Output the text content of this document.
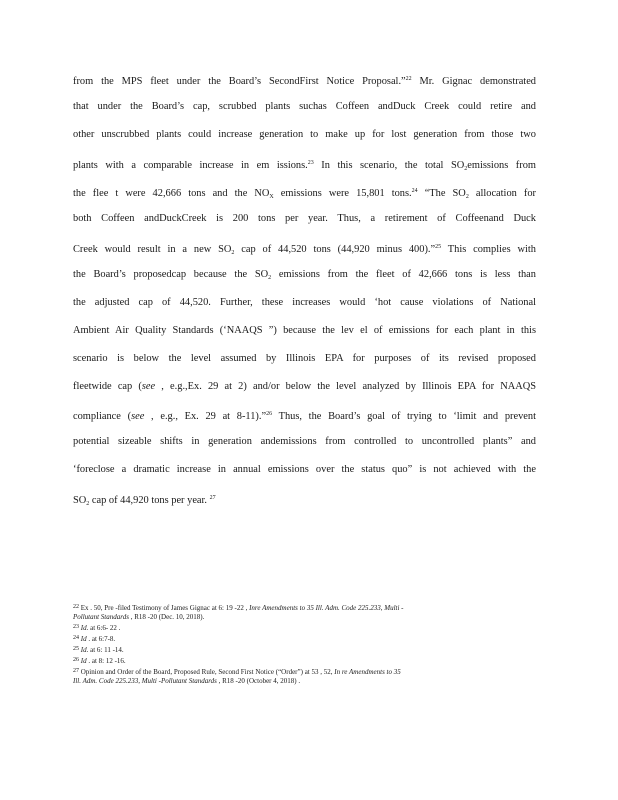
from the MPS fleet under the Board’s SecondFirst Notice Proposal.”$^{22}$ Mr. Gignac demonstrated
that under the Board’s cap, scrubbed plants suchas Coffeen andDuck Creek could retire and
other unscrubbed plants could increase generation to make up for lost generation from those two
plants with a comparable increase in em issions.$^{23}$ In this scenario, the total $SO_2emissions$ from
the flee t were 42,666 tons and the $NO_X$ emissions were 15,801 tons.$^{24}$ “The $SO_2$ allocation for
both Coffeen andDuckCreek is 200 tons per year. Thus, a retirement of Coffeenand Duck
Creek would result in a new $SO_2$ cap of 44,520 tons (44,920 minus 400).”$^{25}$ This complies with
the Board’s proposedcap because the $SO_2$ emissions from the fleet of 42,666 tons is less than
the adjusted cap of 44,520. Further, these increases would ‘hot cause violations of National
Ambient Air Quality Standards (‘NAAQS ”) because the lev el of emissions for each plant in this
scenario is below the level assumed by Illinois EPA for purposes of its revised proposed
fleetwide cap (see , e.g.,Ex. 29 at 2) and/or below the level analyzed by Illinois EPA for NAAQS
compliance (see , e.g., Ex. 29 at 8-11).”$^{26}$ Thus, the Board’s goal of trying to ‘limit and prevent
potential sizeable shifts in generation andemissions from controlled to uncontrolled plants” and
‘foreclose a dramatic increase in annual emissions over the status quo” is not achieved with the
$SO_2$ cap of 44,920 tons per year. $^{27}$
$^{22}$ Ex . 50, Pre -filed Testimony of James Gignac at 6: 19 -22 , Inre Amendments to 35 Ill. Adm. Code 225.233, Multi -
Pollutant Standards , R18 -20 (Dec. 10, 2018).
$^{23}$ Id. at 6:6- 22 .
$^{24}$ Id . at 6:7-8.
$^{25}$ Id. at 6: 11 -14.
$^{26}$ Id . at 8: 12 -16.
$^{27}$ Opinion and Order of the Board, Proposed Rule, Second First Notice (“Order”) at 53 , 52, In re Amendments to 35
Ill. Adm. Code 225.233, Multi -Pollutant Standards , R18 -20 (October 4, 2018) .
